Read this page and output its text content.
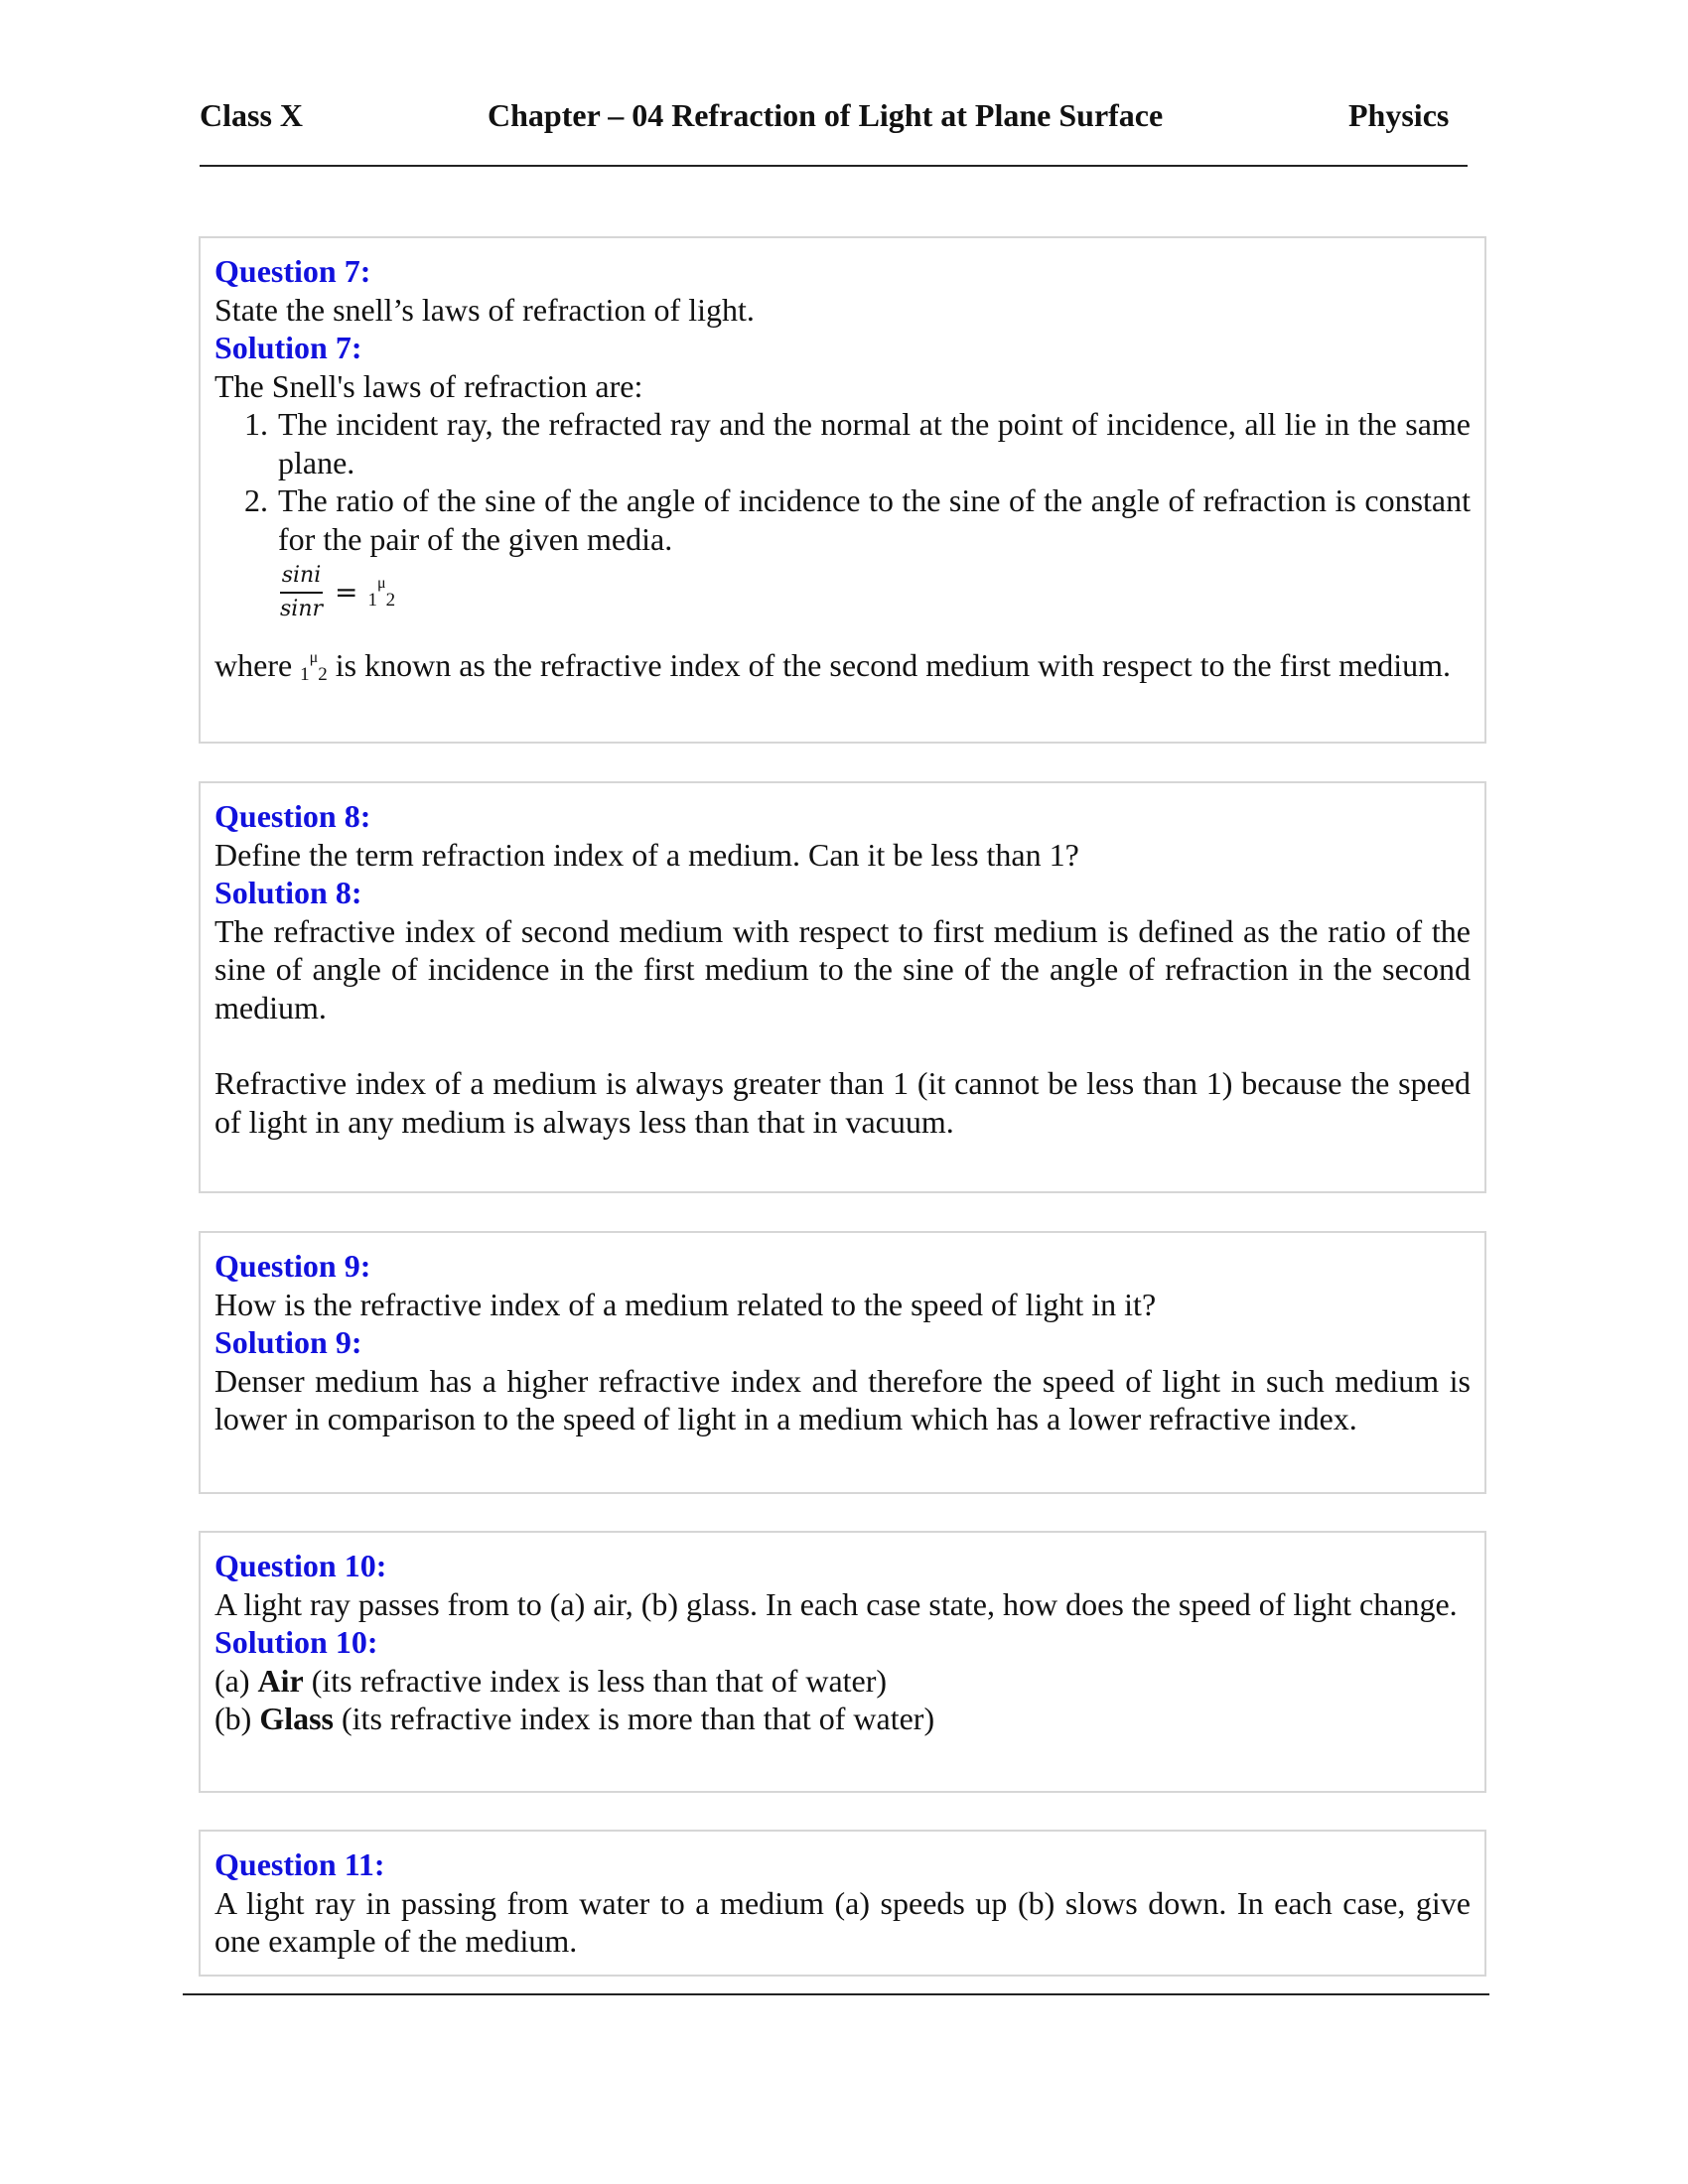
Class X	Chapter – 04 Refraction of Light at Plane Surface	Physics
Question 7:
State the snell’s laws of refraction of light.
Solution 7:
The Snell's laws of refraction are:
1. The incident ray, the refracted ray and the normal at the point of incidence, all lie in the same plane.
2. The ratio of the sine of the angle of incidence to the sine of the angle of refraction is constant for the pair of the given media.
$\frac{\sin i}{\sin r} = _1^\mu_2$
where $_1^\mu_2$ is known as the refractive index of the second medium with respect to the first medium.
Question 8:
Define the term refraction index of a medium. Can it be less than 1?
Solution 8:
The refractive index of second medium with respect to first medium is defined as the ratio of the sine of angle of incidence in the first medium to the sine of the angle of refraction in the second medium.
Refractive index of a medium is always greater than 1 (it cannot be less than 1) because the speed of light in any medium is always less than that in vacuum.
Question 9:
How is the refractive index of a medium related to the speed of light in it?
Solution 9:
Denser medium has a higher refractive index and therefore the speed of light in such medium is lower in comparison to the speed of light in a medium which has a lower refractive index.
Question 10:
A light ray passes from to (a) air, (b) glass. In each case state, how does the speed of light change.
Solution 10:
(a) Air (its refractive index is less than that of water)
(b) Glass (its refractive index is more than that of water)
Question 11:
A light ray in passing from water to a medium (a) speeds up (b) slows down. In each case, give one example of the medium.
